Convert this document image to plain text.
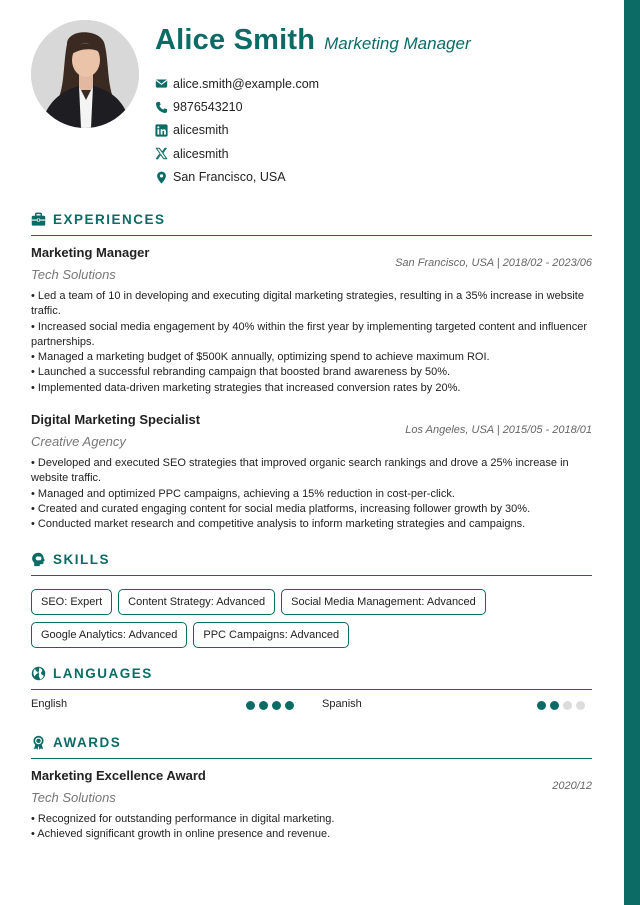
Alice Smith Marketing Manager
alice.smith@example.com
9876543210
alicesmith
alicesmith
San Francisco, USA
EXPERIENCES
Marketing Manager
Tech Solutions
San Francisco, USA | 2018/02 - 2023/06
• Led a team of 10 in developing and executing digital marketing strategies, resulting in a 35% increase in website traffic.
• Increased social media engagement by 40% within the first year by implementing targeted content and influencer partnerships.
• Managed a marketing budget of $500K annually, optimizing spend to achieve maximum ROI.
• Launched a successful rebranding campaign that boosted brand awareness by 50%.
• Implemented data-driven marketing strategies that increased conversion rates by 20%.
Digital Marketing Specialist
Creative Agency
Los Angeles, USA | 2015/05 - 2018/01
• Developed and executed SEO strategies that improved organic search rankings and drove a 25% increase in website traffic.
• Managed and optimized PPC campaigns, achieving a 15% reduction in cost-per-click.
• Created and curated engaging content for social media platforms, increasing follower growth by 30%.
• Conducted market research and competitive analysis to inform marketing strategies and campaigns.
SKILLS
SEO: Expert	Content Strategy: Advanced	Social Media Management: Advanced
Google Analytics: Advanced	PPC Campaigns: Advanced
LANGUAGES
English	Spanish
AWARDS
Marketing Excellence Award
Tech Solutions
2020/12
• Recognized for outstanding performance in digital marketing.
• Achieved significant growth in online presence and revenue.
